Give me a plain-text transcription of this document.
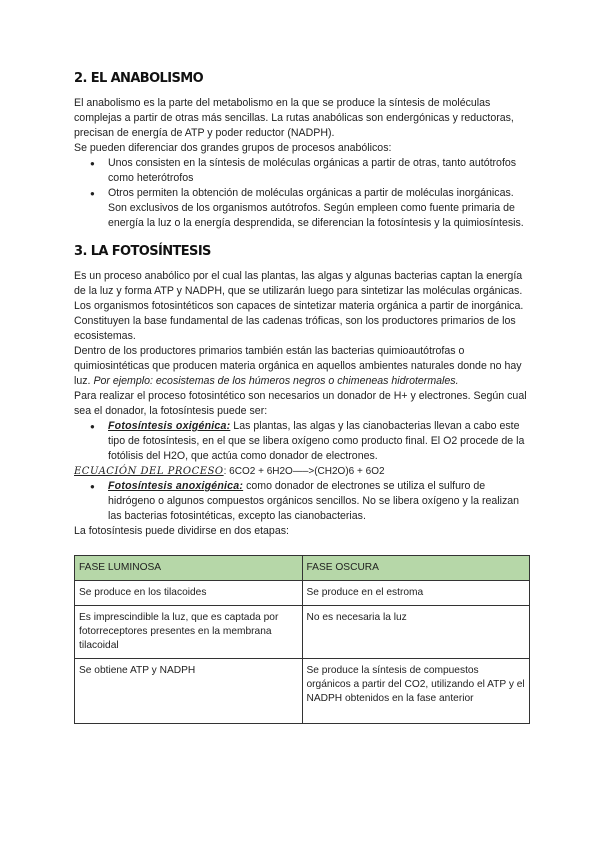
2. EL ANABOLISMO

El anabolismo es la parte del metabolismo en la que se produce la síntesis de moléculas complejas a partir de otras más sencillas. La rutas anabólicas son endergónicas y reductoras, precisan de energía de ATP y poder reductor (NADPH).

Se pueden diferenciar dos grandes grupos de procesos anabólicos:

● Unos consisten en la síntesis de moléculas orgánicas a partir de otras, tanto autótrofos como heterótrofos
● Otros permiten la obtención de moléculas orgánicas a partir de moléculas inorgánicas. Son exclusivos de los organismos autótrofos. Según empleen como fuente primaria de energía la luz o la energía desprendida, se diferencian la fotosíntesis y la quimiosíntesis.
3. LA FOTOSÍNTESIS

Es un proceso anabólico por el cual las plantas, las algas y algunas bacterias captan la energía de la luz y forma ATP y NADPH, que se utilizarán luego para sintetizar las moléculas orgánicas. Los organismos fotosintéticos son capaces de sintetizar materia orgánica a partir de inorgánica. Constituyen la base fundamental de las cadenas tróficas, son los productores primarios de los ecosistemas.

Dentro de los productores primarios también están las bacterias quimioautótrofas o quimiosintéticas que producen materia orgánica en aquellos ambientes naturales donde no hay luz. Por ejemplo: ecosistemas de los húmeros negros o chimeneas hidrotermales.

Para realizar el proceso fotosintético son necesarios un donador de H+ y electrones. Según cual sea el donador, la fotosíntesis puede ser:

● Fotosíntesis oxigénica: Las plantas, las algas y las cianobacterias llevan a cabo este tipo de fotosíntesis, en el que se libera oxígeno como producto final. El O2 procede de la fotólisis del H2O, que actúa como donador de electrones.

ECUACIÓN DEL PROCESO: 6CO2 + 6H2O—–>(CH2O)6 + 6O2

● Fotosíntesis anoxigénica: como donador de electrones se utiliza el sulfuro de hidrógeno o algunos compuestos orgánicos sencillos. No se libera oxígeno y la realizan las bacterias fotosintéticas, excepto las cianobacterias.

La fotosíntesis puede dividirse en dos etapas:

FASE LUMINOSA	FASE OSCURA
Se produce en los tilacoides	Se produce en el estroma
Es imprescindible la luz, que es captada por fotorreceptores presentes en la membrana tilacoidal	No es necesaria la luz
Se obtiene ATP y NADPH	Se produce la síntesis de compuestos orgánicos a partir del CO2, utilizando el ATP y el NADPH obtenidos en la fase anterior
